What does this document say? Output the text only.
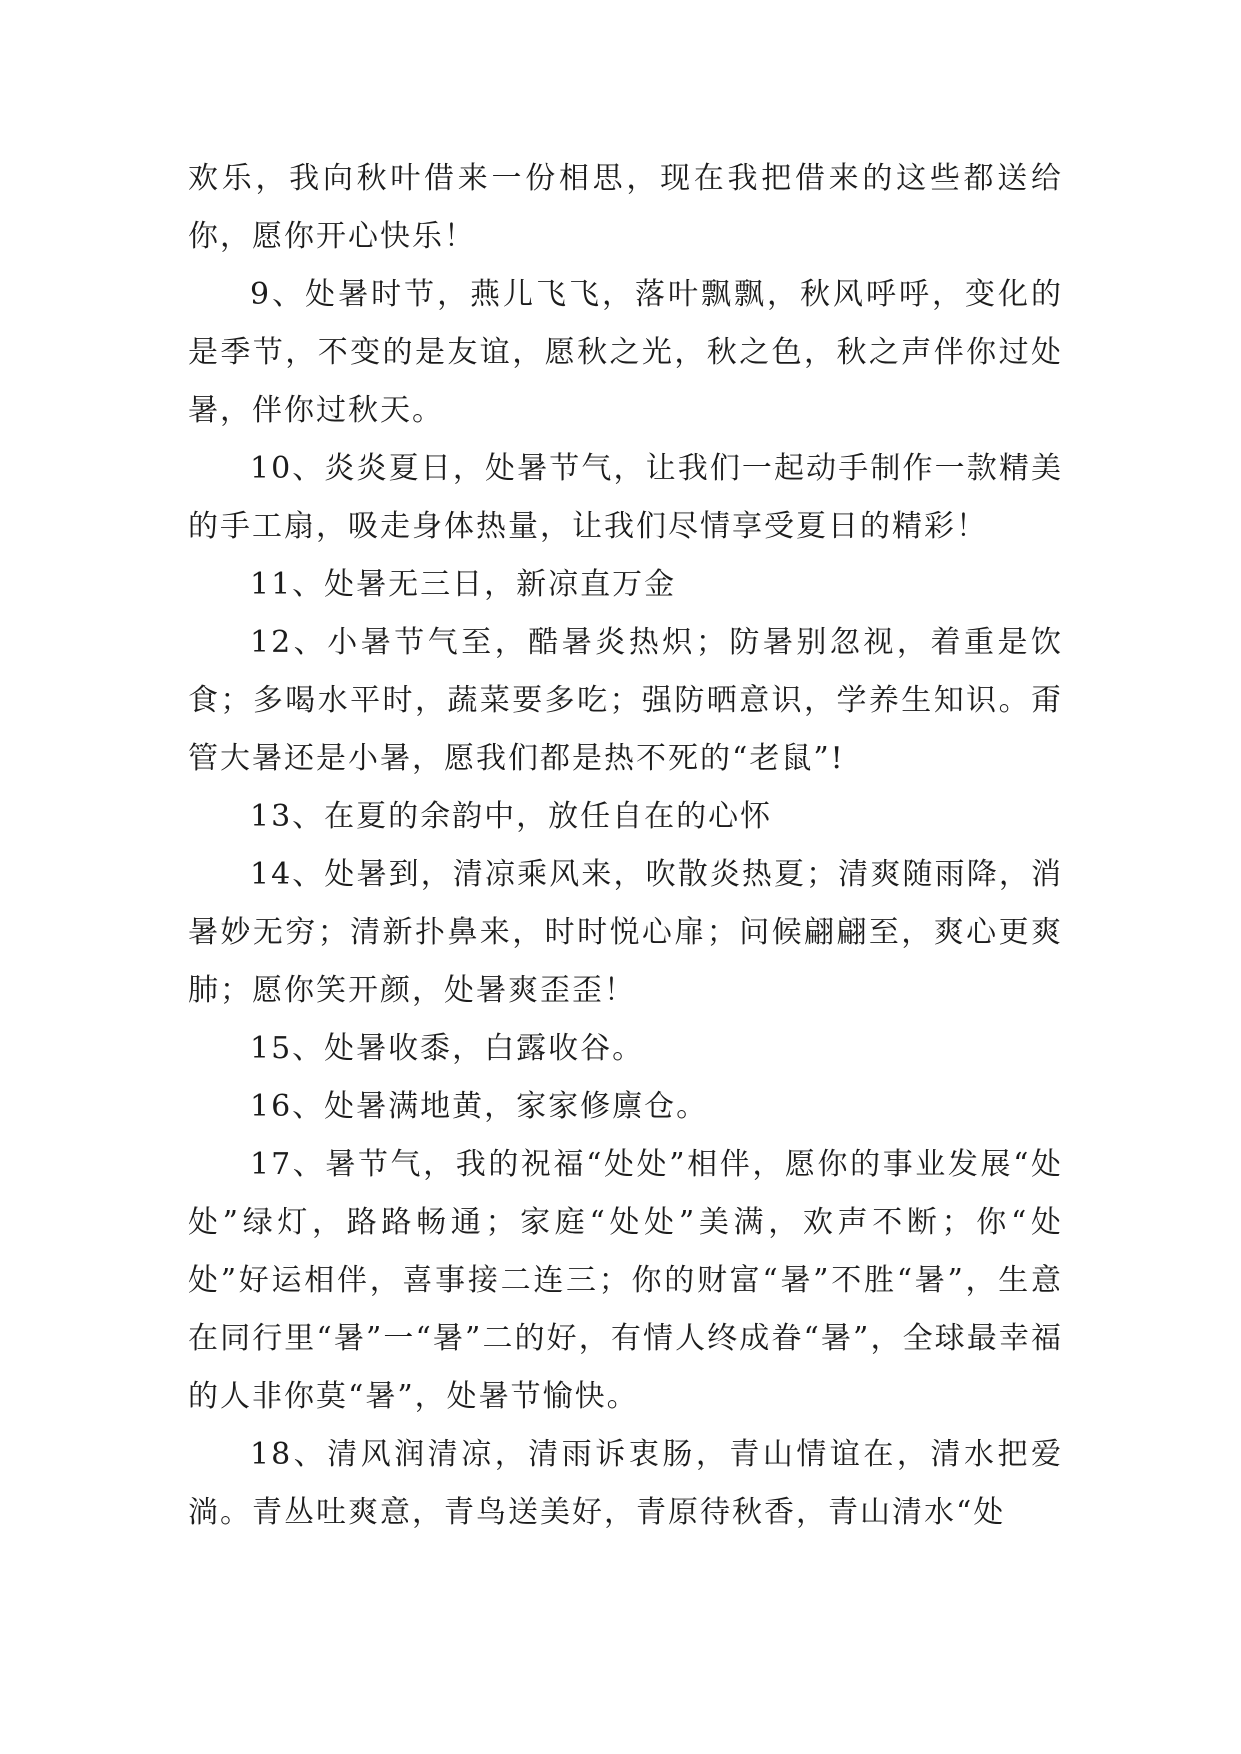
欢乐，我向秋叶借来一份相思，现在我把借来的这些都送给你，愿你开心快乐！

9、处暑时节，燕儿飞飞，落叶飘飘，秋风呼呼，变化的是季节，不变的是友谊，愿秋之光，秋之色，秋之声伴你过处暑，伴你过秋天。

10、炎炎夏日，处暑节气，让我们一起动手制作一款精美的手工扇，吸走身体热量，让我们尽情享受夏日的精彩！

11、处暑无三日，新凉直万金

12、小暑节气至，酷暑炎热炽；防暑别忽视，着重是饮食；多喝水平时，蔬菜要多吃；强防晒意识，学养生知识。甭管大暑还是小暑，愿我们都是热不死的“老鼠”!

13、在夏的余韵中，放任自在的心怀

14、处暑到，清凉乘风来，吹散炎热夏；清爽随雨降，消暑妙无穷；清新扑鼻来，时时悦心扉；问候翩翩至，爽心更爽肺；愿你笑开颜，处暑爽歪歪！

15、处暑收黍，白露收谷。

16、处暑满地黄，家家修廪仓。

17、暑节气，我的祝福“处处”相伴，愿你的事业发展“处处”绿灯，路路畅通；家庭“处处”美满，欢声不断；你“处处”好运相伴，喜事接二连三；你的财富“暑”不胜“暑”，生意在同行里“暑”一“暑”二的好，有情人终成眷“暑”，全球最幸福的人非你莫“暑”，处暑节愉快。

18、清风润清凉，清雨诉衷肠，青山情谊在，清水把爱淌。青丛吐爽意，青鸟送美好，青原待秋香，青山清水“处
